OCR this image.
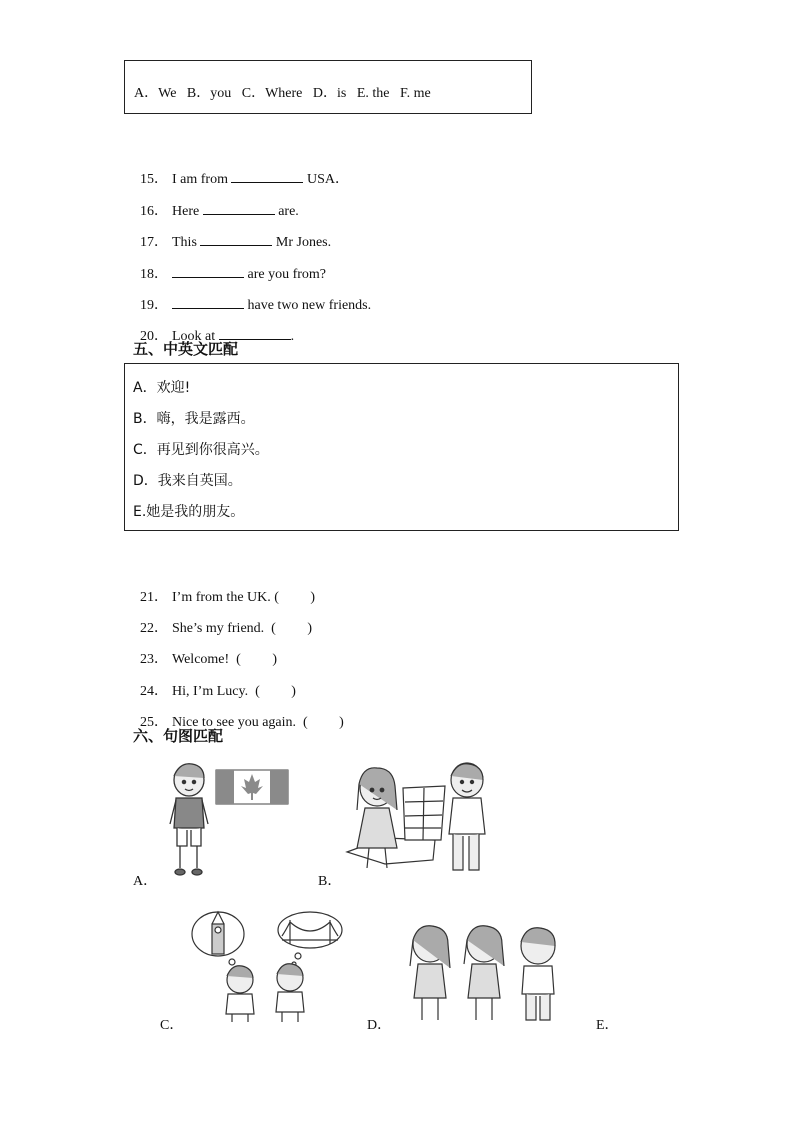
A．We   B．you   C．Where   D．is   E. the   F. me

15． I am from	USA．

16． Here	are.

17． This	Mr Jones.

18．	are you from?

19．	have two new friends.

20． Look at	.

五、中英文匹配
A．欢迎!
B．嗨，我是露西。
C．再见到你很高兴。
D．我来自英国。
E.她是我的朋友。

21． I’m from the UK. (         )

22． She’s my friend.  (         )

23． Welcome!  (         )

24． Hi, I’m Lucy.  (         )

25． Nice to see you again.  (         )

六、句图匹配
A．	B．
C．	D．	E．
